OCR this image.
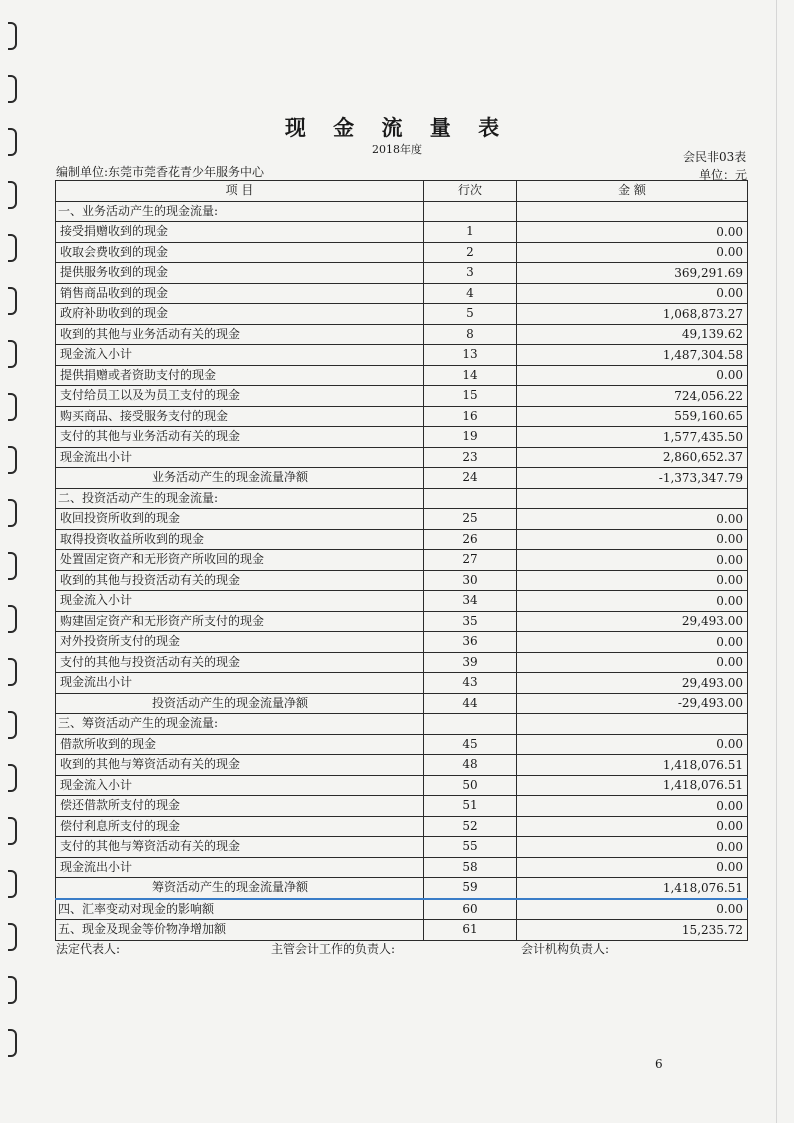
现 金 流 量 表
2018年度
会民非03表
编制单位:东莞市莞香花青少年服务中心	单位：元
项 目	行次	金 额
一、业务活动产生的现金流量:		
接受捐赠收到的现金	1	0.00
收取会费收到的现金	2	0.00
提供服务收到的现金	3	369,291.69
销售商品收到的现金	4	0.00
政府补助收到的现金	5	1,068,873.27
收到的其他与业务活动有关的现金	8	49,139.62
现金流入小计	13	1,487,304.58
提供捐赠或者资助支付的现金	14	0.00
支付给员工以及为员工支付的现金	15	724,056.22
购买商品、接受服务支付的现金	16	559,160.65
支付的其他与业务活动有关的现金	19	1,577,435.50
现金流出小计	23	2,860,652.37
业务活动产生的现金流量净额	24	-1,373,347.79
二、投资活动产生的现金流量:		
收回投资所收到的现金	25	0.00
取得投资收益所收到的现金	26	0.00
处置固定资产和无形资产所收回的现金	27	0.00
收到的其他与投资活动有关的现金	30	0.00
现金流入小计	34	0.00
购建固定资产和无形资产所支付的现金	35	29,493.00
对外投资所支付的现金	36	0.00
支付的其他与投资活动有关的现金	39	0.00
现金流出小计	43	29,493.00
投资活动产生的现金流量净额	44	-29,493.00
三、筹资活动产生的现金流量:		
借款所收到的现金	45	0.00
收到的其他与筹资活动有关的现金	48	1,418,076.51
现金流入小计	50	1,418,076.51
偿还借款所支付的现金	51	0.00
偿付利息所支付的现金	52	0.00
支付的其他与筹资活动有关的现金	55	0.00
现金流出小计	58	0.00
筹资活动产生的现金流量净额	59	1,418,076.51
四、汇率变动对现金的影响额	60	0.00
五、现金及现金等价物净增加额	61	15,235.72
法定代表人:	主管会计工作的负责人:	会计机构负责人:
6
